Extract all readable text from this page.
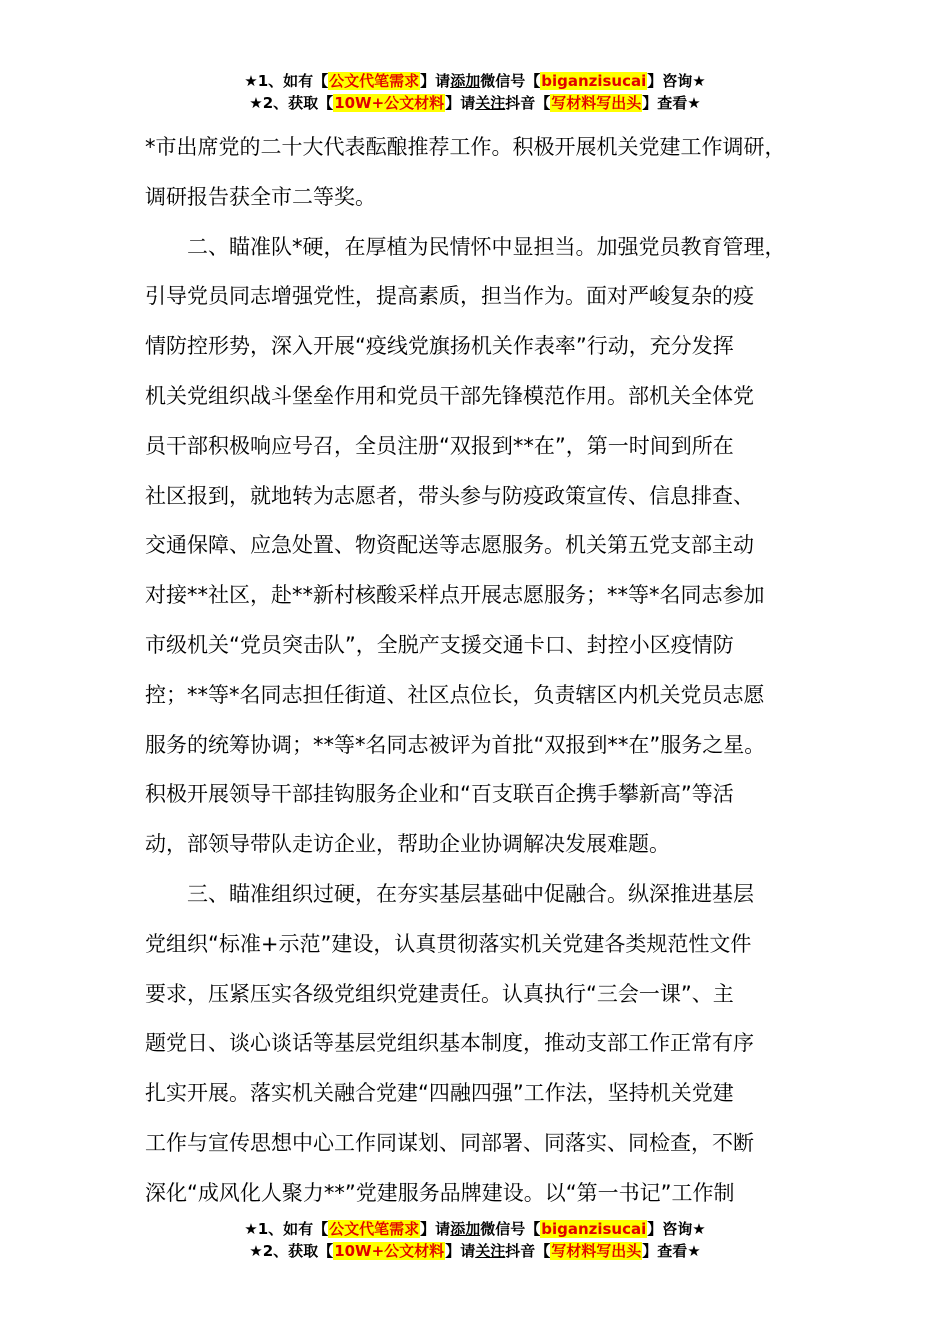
★1、如有【公文代笔需求】请添加微信号【biganzisucai】咨询★
★2、获取【10W+公文材料】请关注抖音【写材料写出头】查看★
*市出席党的二十大代表酝酿推荐工作。积极开展机关党建工作调研，
调研报告获全市二等奖。
　　二、瞄准队*硬，在厚植为民情怀中显担当。加强党员教育管理，
引导党员同志增强党性，提高素质，担当作为。面对严峻复杂的疫
情防控形势，深入开展“疫线党旗扬机关作表率”行动，充分发挥
机关党组织战斗堡垒作用和党员干部先锋模范作用。部机关全体党
员干部积极响应号召，全员注册“双报到**在”，第一时间到所在
社区报到，就地转为志愿者，带头参与防疫政策宣传、信息排查、
交通保障、应急处置、物资配送等志愿服务。机关第五党支部主动
对接**社区，赴**新村核酸采样点开展志愿服务；**等*名同志参加
市级机关“党员突击队”，全脱产支援交通卡口、封控小区疫情防
控；**等*名同志担任街道、社区点位长，负责辖区内机关党员志愿
服务的统筹协调；**等*名同志被评为首批“双报到**在”服务之星。
积极开展领导干部挂钩服务企业和“百支联百企携手攀新高”等活
动，部领导带队走访企业，帮助企业协调解决发展难题。
　　三、瞄准组织过硬，在夯实基层基础中促融合。纵深推进基层
党组织“标准+示范”建设，认真贯彻落实机关党建各类规范性文件
要求，压紧压实各级党组织党建责任。认真执行“三会一课”、主
题党日、谈心谈话等基层党组织基本制度，推动支部工作正常有序
扎实开展。落实机关融合党建“四融四强”工作法，坚持机关党建
工作与宣传思想中心工作同谋划、同部署、同落实、同检查，不断
深化“成风化人聚力**”党建服务品牌建设。以“第一书记”工作制
★1、如有【公文代笔需求】请添加微信号【biganzisucai】咨询★
★2、获取【10W+公文材料】请关注抖音【写材料写出头】查看★
